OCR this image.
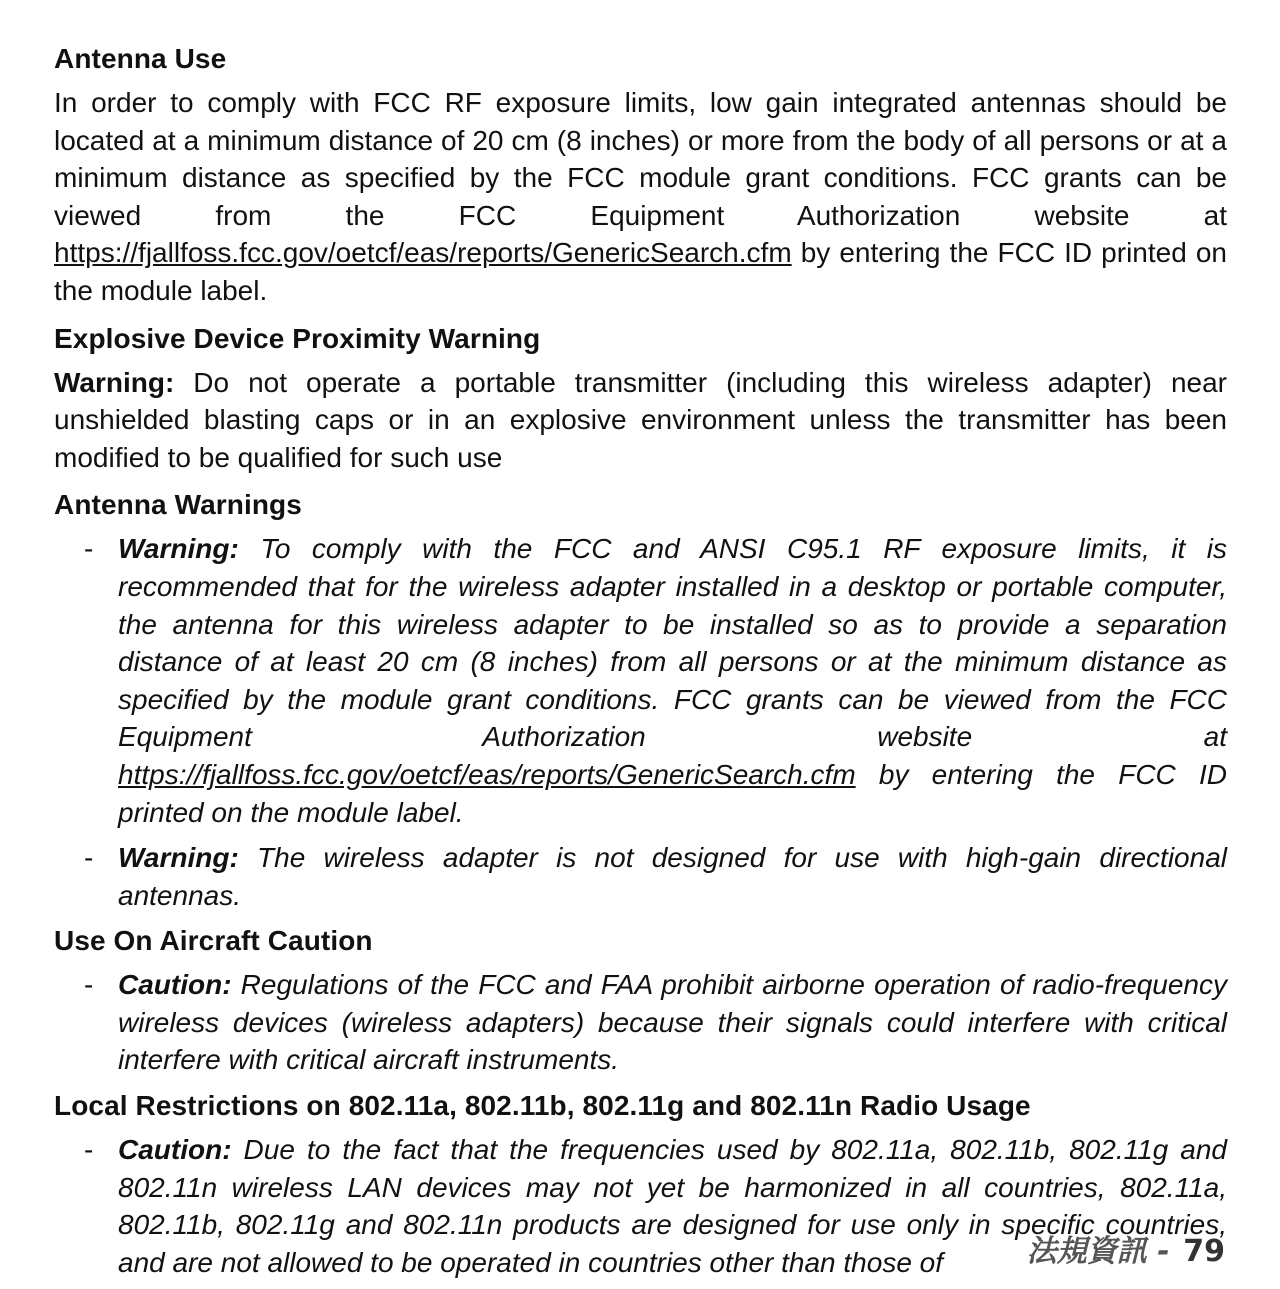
Antenna Use

In order to comply with FCC RF exposure limits, low gain integrated antennas should be located at a minimum distance of 20 cm (8 inches) or more from the body of all persons or at a minimum distance as specified by the FCC module grant conditions. FCC grants can be viewed from the FCC Equipment Authorization website at https://fjallfoss.fcc.gov/oetcf/eas/reports/GenericSearch.cfm by entering the FCC ID printed on the module label.

Explosive Device Proximity Warning

Warning: Do not operate a portable transmitter (including this wireless adapter) near unshielded blasting caps or in an explosive environment unless the transmitter has been modified to be qualified for such use

Antenna Warnings
- Warning: To comply with the FCC and ANSI C95.1 RF exposure limits, it is recommended that for the wireless adapter installed in a desktop or portable computer, the antenna for this wireless adapter to be installed so as to provide a separation distance of at least 20 cm (8 inches) from all persons or at the minimum distance as specified by the module grant conditions. FCC grants can be viewed from the FCC Equipment Authorization website at https://fjallfoss.fcc.gov/oetcf/eas/reports/GenericSearch.cfm by entering the FCC ID printed on the module label.
- Warning: The wireless adapter is not designed for use with high-gain directional antennas.
Use On Aircraft Caution
- Caution: Regulations of the FCC and FAA prohibit airborne operation of radio-frequency wireless devices (wireless adapters) because their signals could interfere with critical interfere with critical aircraft instruments.
Local Restrictions on 802.11a, 802.11b, 802.11g and 802.11n Radio Usage
- Caution: Due to the fact that the frequencies used by 802.11a, 802.11b, 802.11g and 802.11n wireless LAN devices may not yet be harmonized in all countries, 802.11a, 802.11b, 802.11g and 802.11n products are designed for use only in specific countries, and are not allowed to be operated in countries other than those of	法規資訊 - 79
